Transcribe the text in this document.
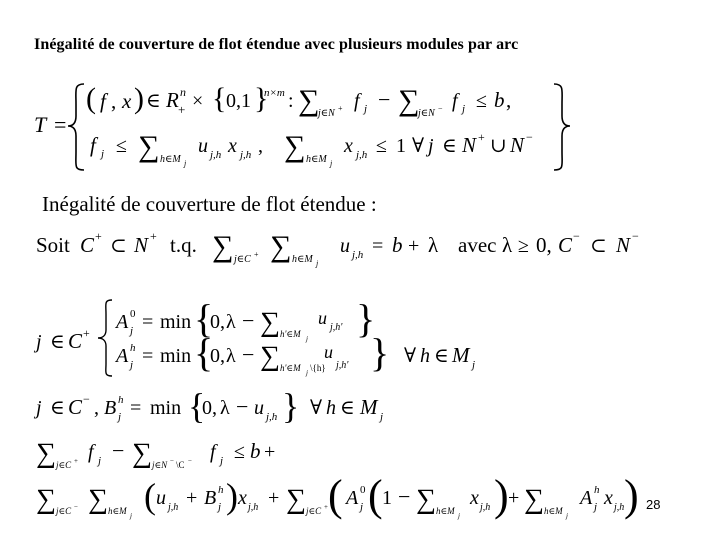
Inégalité de couverture de flot étendue avec plusieurs modules par arc
T =
( f , x ) ∈ R n
+ × { 0,1 }
n×m : ∑
j∈N + f j − ∑
j∈N − f j ≤ b ,
f j ≤ ∑ h∈M j
u j,h x j,h , ∑ h∈M j
x j,h ≤ 1 ∀ j ∈ N + ∪ N −
Soit C + ⊂ N + t.q. ∑ j∈C + ∑ h∈M j
u j,h = b + λ avec λ ≥ 0, C − ⊂ N −
j ∈ C + A 0
j = min {
0, λ − ∑ h'∈M j
u j,h' }
A h
j = min {
0, λ − ∑ h'∈M j \{h}
u
j,h' } ∀ h ∈ M j
j ∈ C − , B h
j = min {
0, λ − u j,h } ∀ h ∈ M j
∑ j∈C + f j − ∑ j∈N − \C − f j ≤ b +
∑ j∈C − ∑ h∈M j ( u j,h + B h
j ) x j,h + ∑ j∈C + ( A 0
j ( 1 − ∑ h∈M j
x j,h ) + ∑ h∈M j
A h
j x j,h )
Inégalité de couverture de flot étendue :
28
